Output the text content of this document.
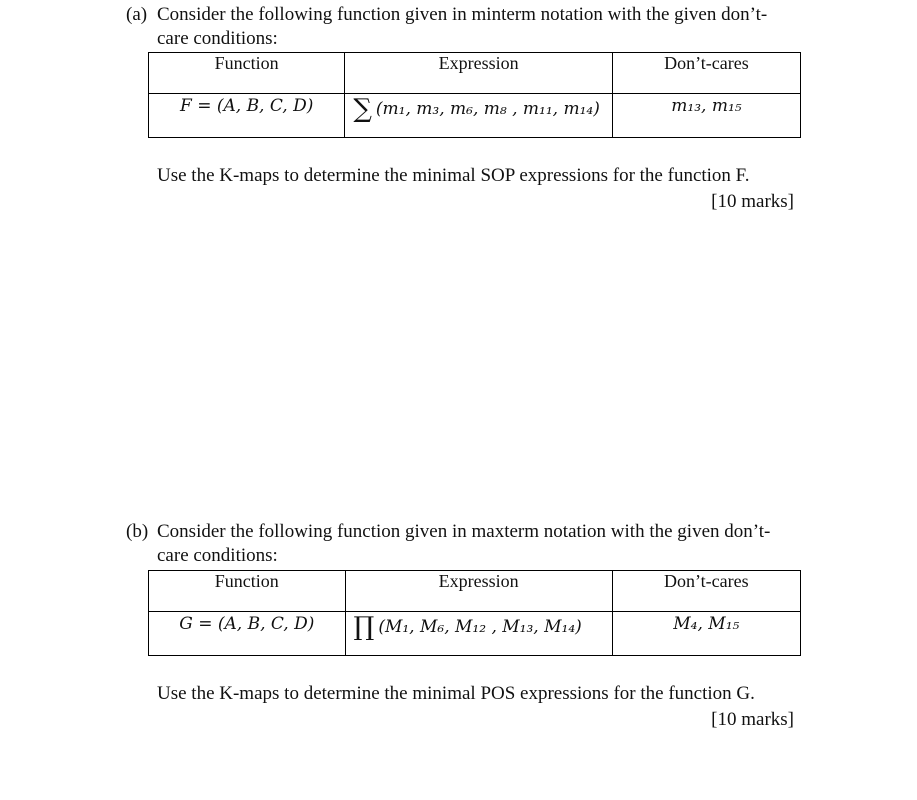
(a) Consider the following function given in minterm notation with the given don’t-
care conditions:
Function	Expression	Don’t-cares
F = (A, B, C, D)	∑ (m₁, m₃, m₆, m₈ , m₁₁, m₁₄)	m₁₃, m₁₅
Use the K-maps to determine the minimal SOP expressions for the function F.
[10 marks]
(b) Consider the following function given in maxterm notation with the given don’t-
care conditions:
Function	Expression	Don’t-cares
G = (A, B, C, D)	∏ (M₁, M₆, M₁₂ , M₁₃, M₁₄)	M₄, M₁₅
Use the K-maps to determine the minimal POS expressions for the function G.
[10 marks]
